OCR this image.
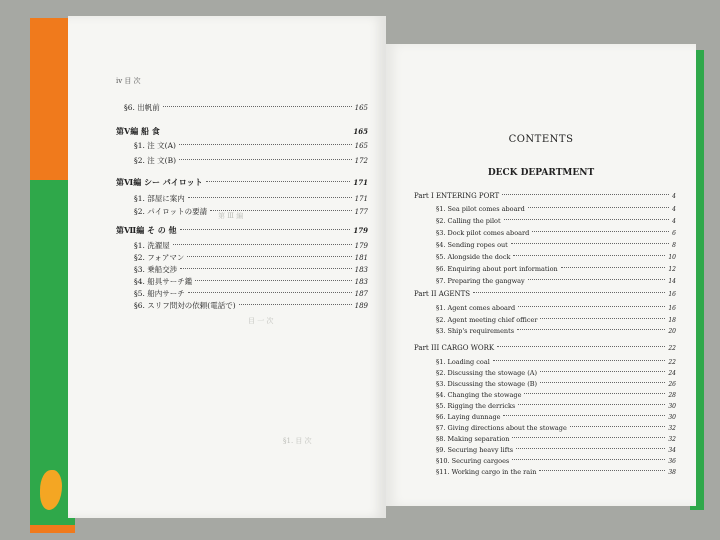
iv 目 次
第 Ⅲ 編
目 一 次
§1. 目 次
§6. 出帆前	165
第Ⅴ編 船 食	165
§1. 注 文(A)	165
§2. 注 文(B)	172
第Ⅵ編 シー パイロット	171
§1. 部屋に案内	171
§2. パイロットの要請	177
第Ⅶ編 そ の 他	179
§1. 洗濯屋	179
§2. フォアマン	181
§3. 乗船交渉	183
§4. 船具サーチ鑑	183
§5. 船内サーチ	187
§6. スリフ問対の依頼(電話で)	189
CONTENTS
DECK DEPARTMENT
Part I ENTERING PORT	4
§1. Sea pilot comes aboard	4
§2. Calling the pilot	4
§3. Dock pilot comes aboard	6
§4. Sending ropes out	8
§5. Alongside the dock	10
§6. Enquiring about port information	12
§7. Preparing the gangway	14
Part II AGENTS	16
§1. Agent comes aboard	16
§2. Agent meeting chief officer	18
§3. Ship's requirements	20
Part III CARGO WORK	22
§1. Loading coal	22
§2. Discussing the stowage (A)	24
§3. Discussing the stowage (B)	26
§4. Changing the stowage	28
§5. Rigging the derricks	30
§6. Laying dunnage	30
§7. Giving directions about the stowage	32
§8. Making separation	32
§9. Securing heavy lifts	34
§10. Securing cargoes	36
§11. Working cargo in the rain	38
